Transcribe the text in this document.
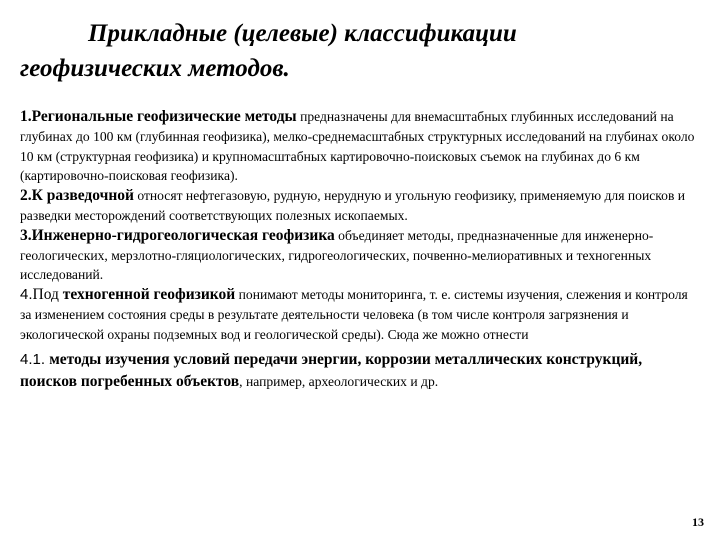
Прикладные (целевые) классификации
геофизических методов.

1.Региональные геофизические методы предназначены для внемасштабных глубинных исследований на глубинах до 100 км (глубинная геофизика), мелко-среднемасштабных структурных исследований на глубинах около 10 км (структурная геофизика) и крупномасштабных картировочно-поисковых съемок на глубинах до 6 км (картировочно-поисковая геофизика).

2.К разведочной относят нефтегазовую, рудную, нерудную и угольную геофизику, применяемую для поисков и разведки месторождений соответствующих полезных ископаемых.

3.Инженерно-гидрогеологическая геофизика объединяет методы, предназначенные для инженерно-геологических, мерзлотно-гляциологических, гидрогеологических, почвенно-мелиоративных и техногенных исследований.

4.Под техногенной геофизикой понимают методы мониторинга, т. е. системы изучения, слежения и контроля за изменением состояния среды в результате деятельности человека (в том числе контроля загрязнения и экологической охраны подземных вод и геологической среды). Сюда же можно отнести

4.1. методы изучения условий передачи энергии, коррозии металлических конструкций, поисков погребенных объектов, например, археологических и др.

13
